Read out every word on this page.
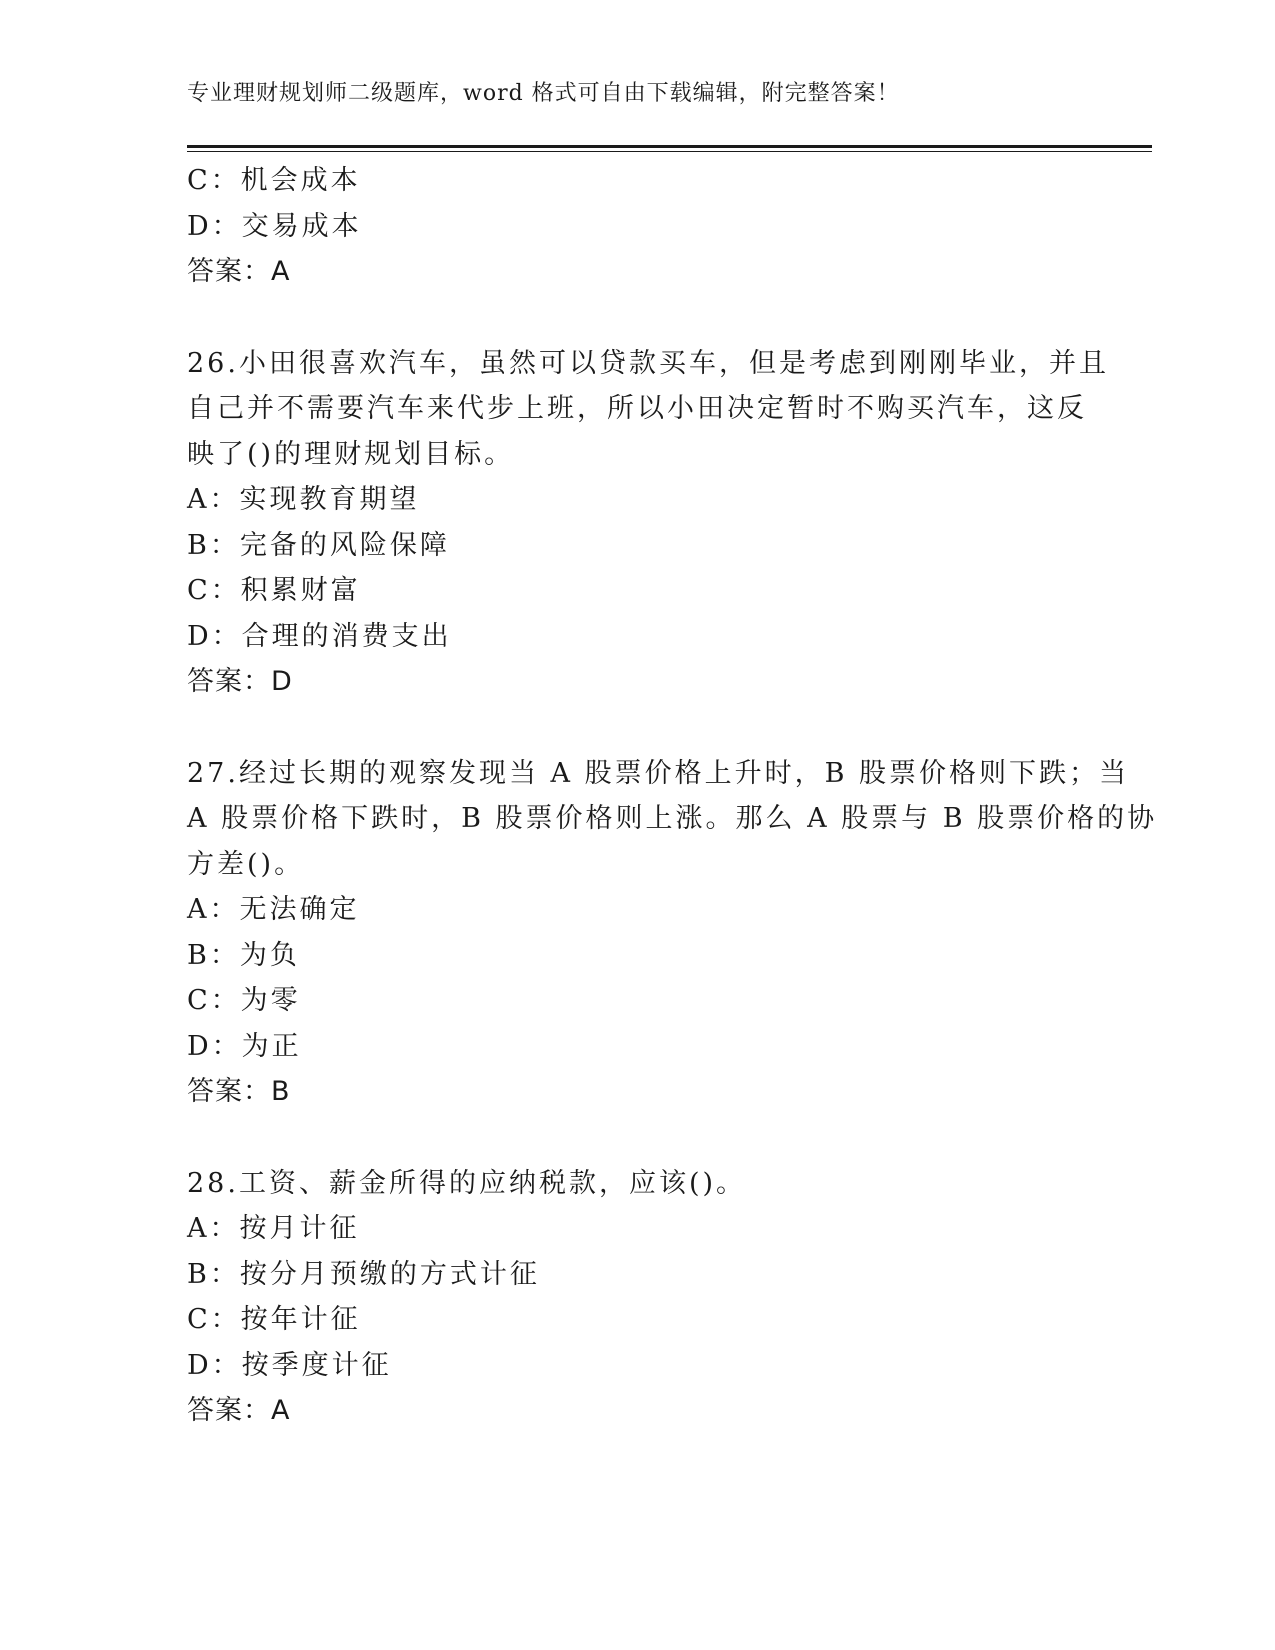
专业理财规划师二级题库，word 格式可自由下载编辑，附完整答案！
C：机会成本
D：交易成本
答案：A
26.小田很喜欢汽车，虽然可以贷款买车，但是考虑到刚刚毕业，并且
自己并不需要汽车来代步上班，所以小田决定暂时不购买汽车，这反
映了()的理财规划目标。
A：实现教育期望
B：完备的风险保障
C：积累财富
D：合理的消费支出
答案：D
27.经过长期的观察发现当 A 股票价格上升时，B 股票价格则下跌；当
A 股票价格下跌时，B 股票价格则上涨。那么 A 股票与 B 股票价格的协
方差()。
A：无法确定
B：为负
C：为零
D：为正
答案：B
28.工资、薪金所得的应纳税款，应该()。
A：按月计征
B：按分月预缴的方式计征
C：按年计征
D：按季度计征
答案：A
